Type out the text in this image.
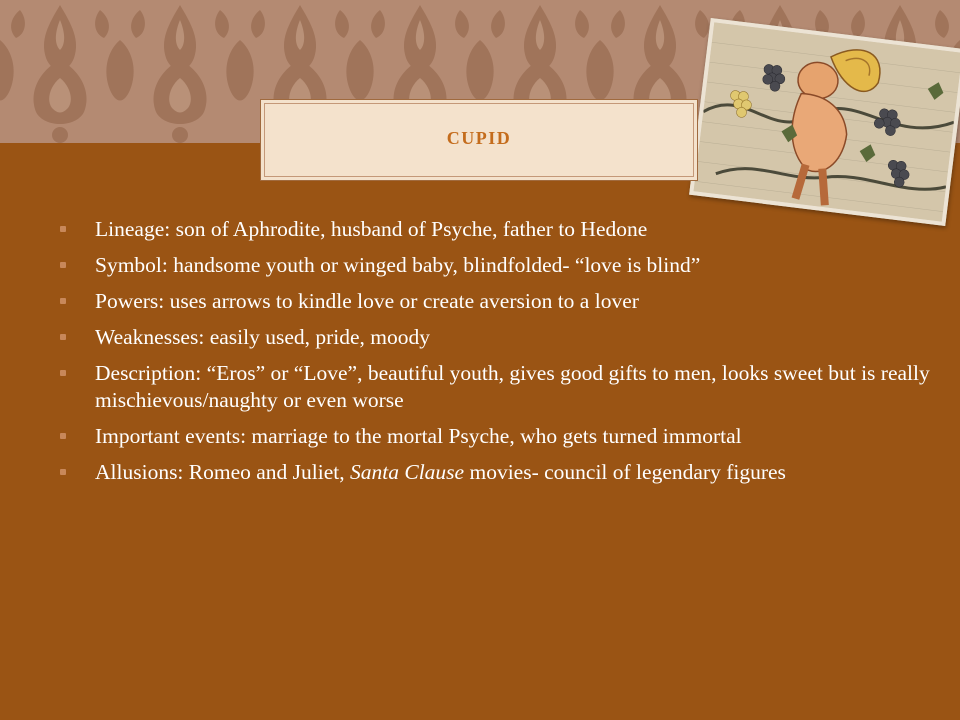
CUPID
Lineage: son of Aphrodite, husband of Psyche, father to Hedone
Symbol: handsome youth or winged baby, blindfolded- “love is blind”
Powers: uses arrows to kindle love or create aversion to a lover
Weaknesses: easily used, pride, moody
Description: “Eros” or “Love”, beautiful youth, gives good gifts to men, looks sweet but is really mischievous/naughty or even worse
Important events: marriage to the mortal Psyche, who gets turned immortal
Allusions: Romeo and Juliet, Santa Clause movies- council of legendary figures
